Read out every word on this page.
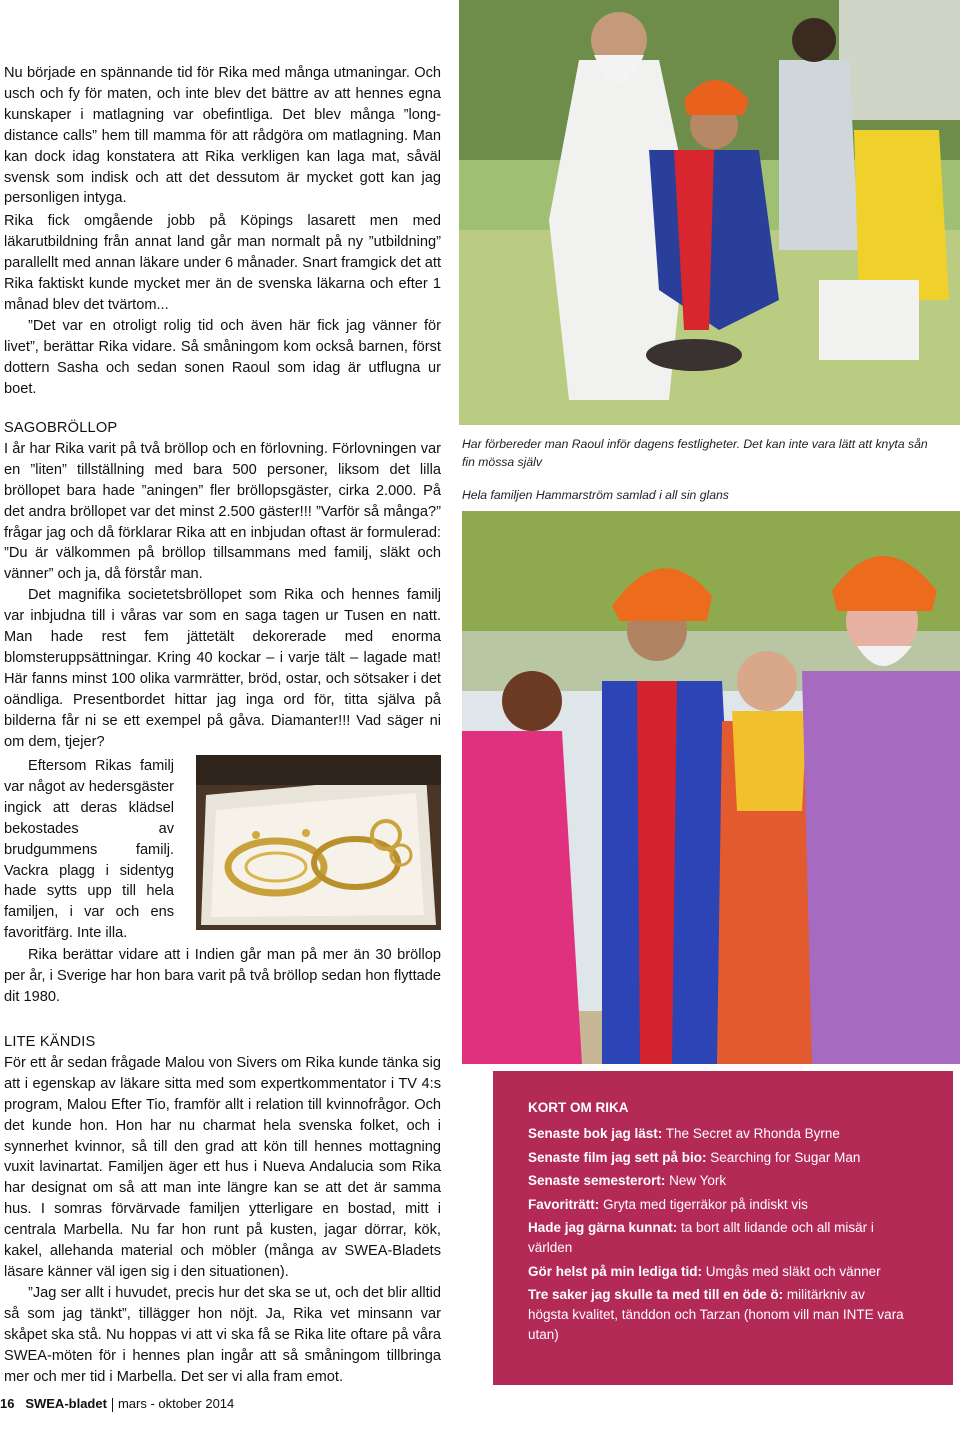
Nu började en spännande tid för Rika med många utmaningar. Och usch och fy för maten, och inte blev det bättre av att hennes egna kunskaper i matlagning var obefintliga. Det blev många ”long-distance calls” hem till mamma för att rådgöra om matlagning. Man kan dock idag konstatera att Rika verkligen kan laga mat, såväl svensk som indisk och att det dessutom är mycket gott kan jag personligen intyga.

Rika fick omgående jobb på Köpings lasarett men med läkarutbildning från annat land går man normalt på ny ”utbildning” parallellt med annan läkare under 6 månader. Snart framgick det att Rika faktiskt kunde mycket mer än de svenska läkarna och efter 1 månad blev det tvärtom...

”Det var en otroligt rolig tid och även här fick jag vänner för livet”, berättar Rika vidare. Så småningom kom också barnen, först dottern Sasha och sedan sonen Raoul som idag är utflugna ur boet.

SAGOBRÖLLOP

I år har Rika varit på två bröllop och en förlovning. Förlovningen var en ”liten” tillställning med bara 500 personer, liksom det lilla bröllopet bara hade ”aningen” fler bröllopsgäster, cirka 2.000. På det andra bröllopet var det minst 2.500 gäster!!! ”Varför så många?” frågar jag och då förklarar Rika att en inbjudan oftast är formulerad: ”Du är välkommen på bröllop tillsammans med familj, släkt och vänner” och ja, då förstår man.

Det magnifika societetsbröllopet som Rika och hennes familj var inbjudna till i våras var som en saga tagen ur Tusen en natt. Man hade rest fem jättetält dekorerade med enorma blomsteruppsättningar. Kring 40 kockar – i varje tält – lagade mat! Här fanns minst 100 olika varmrätter, bröd, ostar, och sötsaker i det oändliga. Presentbordet hittar jag inga ord för, titta själva på bilderna får ni se ett exempel på gåva. Diamanter!!! Vad säger ni om dem, tjejer?

Eftersom Rikas familj var något av hedersgäster ingick att deras klädsel bekostades av brudgummens familj. Vackra plagg i sidentyg hade sytts upp till hela familjen, i var och ens favoritfärg. Inte illa.

Rika berättar vidare att i Indien går man på mer än 30 bröllop per år, i Sverige har hon bara varit på två bröllop sedan hon flyttade dit 1980.

LITE KÄNDIS

För ett år sedan frågade Malou von Sivers om Rika kunde tänka sig att i egenskap av läkare sitta med som expertkommentator i TV 4:s program, Malou Efter Tio, framför allt i relation till kvinnofrågor. Och det kunde hon. Hon har nu charmat hela svenska folket, och i synnerhet kvinnor, så till den grad att kön till hennes mottagning vuxit lavinartat. Familjen äger ett hus i Nueva Andalucia som Rika har designat om så att man inte längre kan se att det är samma hus. I somras förvärvade familjen ytterligare en bostad, mitt i centrala Marbella. Nu far hon runt på kusten, jagar dörrar, kök, kakel, allehanda material och möbler (många av SWEA-Bladets läsare känner väl igen sig i den situationen).

”Jag ser allt i huvudet, precis hur det ska se ut, och det blir alltid så som jag tänkt”, tillägger hon nöjt. Ja, Rika vet minsann var skåpet ska stå. Nu hoppas vi att vi ska få se Rika lite oftare på våra SWEA-möten för i hennes plan ingår att så småningom tillbringa mer och mer tid i Marbella. Det ser vi alla fram emot.

Har förbereder man Raoul inför dagens festligheter. Det kan inte vara lätt att knyta sån fin mössa själv
Hela familjen Hammarström samlad i all sin glans
KORT OM RIKA
Senaste bok jag läst: The Secret av Rhonda Byrne
Senaste film jag sett på bio: Searching for Sugar Man
Senaste semesterort: New York
Favoriträtt: Gryta med tigerräkor på indiskt vis
Hade jag gärna kunnat: ta bort allt lidande och all misär i världen
Gör helst på min lediga tid: Umgås med släkt och vänner
Tre saker jag skulle ta med till en öde ö: militärkniv av högsta kvalitet, tänddon och Tarzan (honom vill man INTE vara utan)
16 SWEA-bladet mars - oktober 2014
